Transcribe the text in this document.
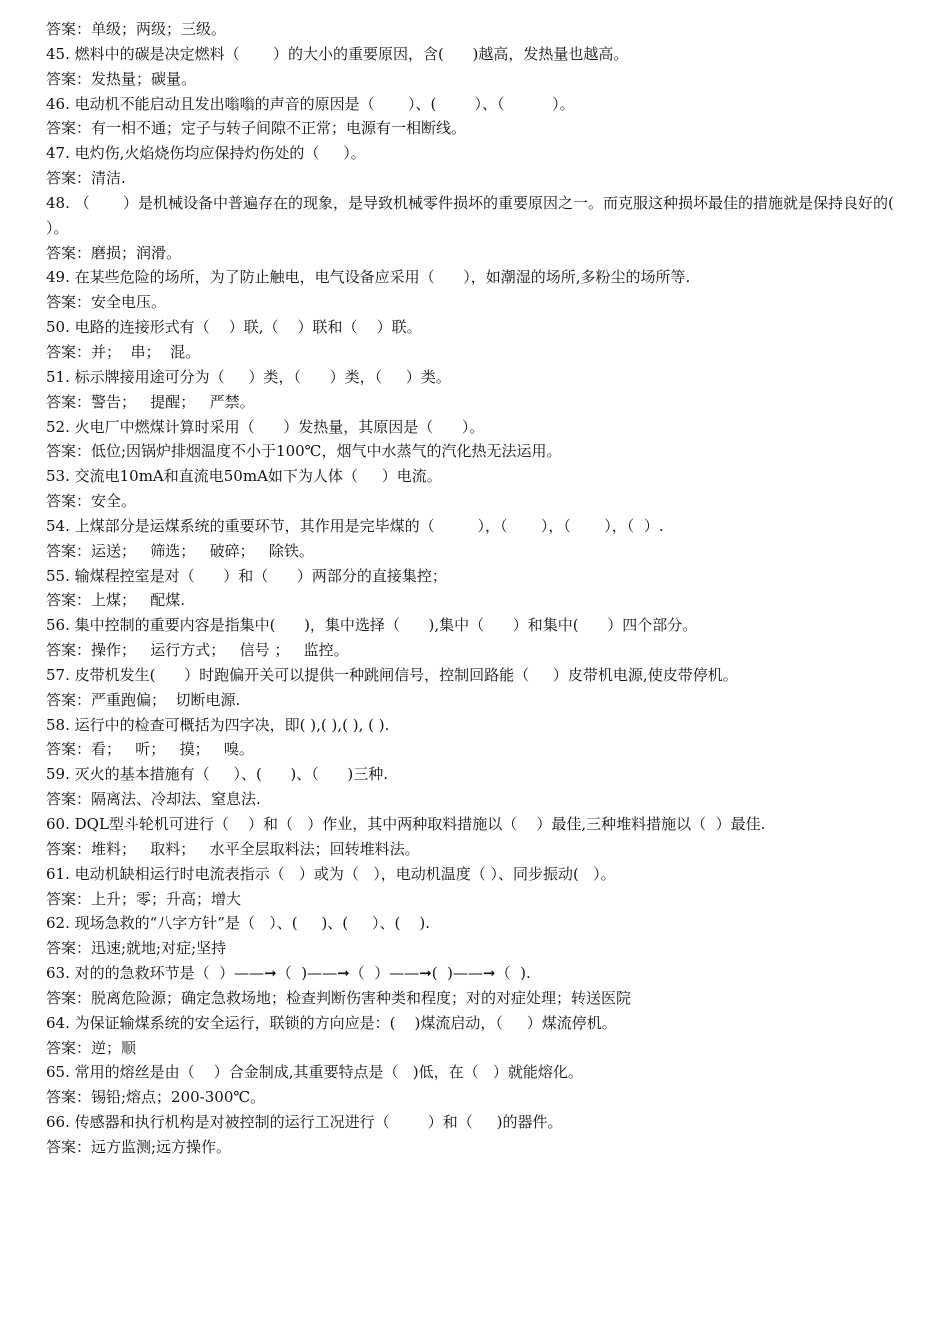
答案：单级；两级；三级。

45. 燃料中的碳是决定燃料（       ）的大小的重要原因，含(      )越高，发热量也越高。

答案：发热量；碳量。

46. 电动机不能启动且发出嗡嗡的声音的原因是（       ）、(        ）、（          ）。

答案：有一相不通；定子与转子间隙不正常；电源有一相断线。

47. 电灼伤,火焰烧伤均应保持灼伤处的（     ）。

答案：清洁.

48. （       ）是机械设备中普遍存在的现象，是导致机械零件损坏的重要原因之一。而克服这种损坏最佳的措施就是保持良好的(        ）。

答案：磨损；润滑。

49. 在某些危险的场所，为了防止触电，电气设备应采用（      ），如潮湿的场所,多粉尘的场所等.

答案：安全电压。

50. 电路的连接形式有（    ）联,（    ）联和（    ）联。

答案：并；  串；  混。

51. 标示牌接用途可分为（     ）类，（      ）类，（     ）类。

答案：警告；   提醒；   严禁。

52. 火电厂中燃煤计算时采用（      ）发热量，其原因是（      ）。

答案：低位;因锅炉排烟温度不小于100℃，烟气中水蒸气的汽化热无法运用。

53. 交流电10mA和直流电50mA如下为人体（     ）电流。

答案：安全。

54. 上煤部分是运煤系统的重要环节，其作用是完毕煤的（         ），（       ），（       ），（  ）.

答案：运送；   筛选；   破碎；   除铁。

55. 输煤程控室是对（      ）和（      ）两部分的直接集控；

答案：上煤；   配煤.

56. 集中控制的重要内容是指集中(      )，集中选择（      ),集中（      ）和集中(      ）四个部分。

答案：操作；   运行方式；   信号 ；   监控。

57. 皮带机发生(      ）时跑偏开关可以提供一种跳闸信号，控制回路能（     ）皮带机电源,使皮带停机。

答案：严重跑偏；  切断电源.

58. 运行中的检查可概括为四字决，即( ),( ),( ), ( ).

答案：看；   听；   摸；   嗅。

59. 灭火的基本措施有（     ）、(      )、（      )三种.

答案：隔离法、冷却法、窒息法.

60. DQL型斗轮机可进行（    ）和（   ）作业，其中两种取料措施以（    ）最佳,三种堆料措施以（  ）最佳.

答案：堆料；   取料；   水平全层取料法；回转堆料法。

61. 电动机缺相运行时电流表指示（   ）或为（   ），电动机温度（ ）、同步振动(   ）。

答案：上升；零；升高；增大

62. 现场急救的“八字方针”是（   ）、(     )、(     ）、(    ).

答案：迅速;就地;对症;坚持

63. 对的的急救环节是（  ）——➞（  )——➞（  ）——➞(  )——➞（  ).

答案：脱离危险源；确定急救场地；检查判断伤害种类和程度；对的对症处理；转送医院

64. 为保证输煤系统的安全运行，联锁的方向应是：(    )煤流启动，（     ）煤流停机。

答案：逆；顺

65. 常用的熔丝是由（    ）合金制成,其重要特点是（   )低，在（   ）就能熔化。

答案：锡铅;熔点；200-300℃。

66. 传感器和执行机构是对被控制的运行工况进行（        ）和（     )的器件。

答案：远方监测;远方操作。
